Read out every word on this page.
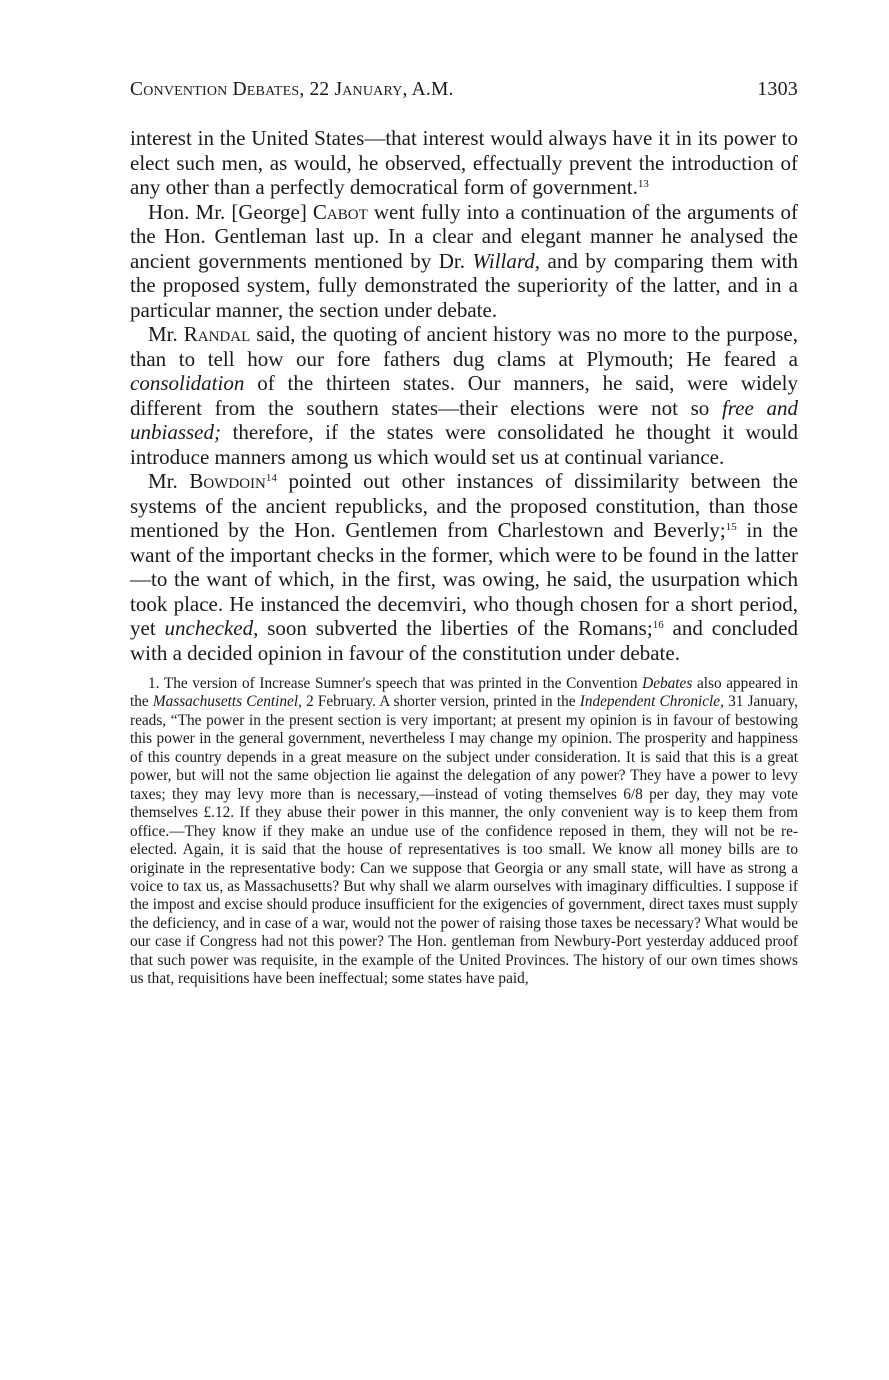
Convention Debates, 22 January, A.M.	1303

interest in the United States—that interest would always have it in its power to elect such men, as would, he observed, effectually prevent the introduction of any other than a perfectly democratical form of government.$^{13}$

Hon. Mr. [George] Cabot went fully into a continuation of the arguments of the Hon. Gentleman last up. In a clear and elegant manner he analysed the ancient governments mentioned by Dr. Willard, and by comparing them with the proposed system, fully demonstrated the superiority of the latter, and in a particular manner, the section under debate.

Mr. Randal said, the quoting of ancient history was no more to the purpose, than to tell how our fore fathers dug clams at Plymouth; He feared a consolidation of the thirteen states. Our manners, he said, were widely different from the southern states—their elections were not so free and unbiassed; therefore, if the states were consolidated he thought it would introduce manners among us which would set us at continual variance.

Mr. Bowdoin$^{14}$ pointed out other instances of dissimilarity between the systems of the ancient republicks, and the proposed constitution, than those mentioned by the Hon. Gentlemen from Charlestown and Beverly;$^{15}$ in the want of the important checks in the former, which were to be found in the latter—to the want of which, in the first, was owing, he said, the usurpation which took place. He instanced the decemviri, who though chosen for a short period, yet unchecked, soon subverted the liberties of the Romans;$^{16}$ and concluded with a decided opinion in favour of the constitution under debate.

1. The version of Increase Sumner's speech that was printed in the Convention Debates also appeared in the Massachusetts Centinel, 2 February. A shorter version, printed in the Independent Chronicle, 31 January, reads, “The power in the present section is very important; at present my opinion is in favour of bestowing this power in the general government, nevertheless I may change my opinion. The prosperity and happiness of this country depends in a great measure on the subject under consideration. It is said that this is a great power, but will not the same objection lie against the delegation of any power? They have a power to levy taxes; they may levy more than is necessary,—instead of voting themselves 6/8 per day, they may vote themselves £.12. If they abuse their power in this manner, the only convenient way is to keep them from office.—They know if they make an undue use of the confidence reposed in them, they will not be re-elected. Again, it is said that the house of representatives is too small. We know all money bills are to originate in the representative body: Can we suppose that Georgia or any small state, will have as strong a voice to tax us, as Massachusetts? But why shall we alarm ourselves with imaginary difficulties. I suppose if the impost and excise should produce insufficient for the exigencies of government, direct taxes must supply the deficiency, and in case of a war, would not the power of raising those taxes be necessary? What would be our case if Congress had not this power? The Hon. gentleman from Newbury-Port yesterday adduced proof that such power was requisite, in the example of the United Provinces. The history of our own times shows us that, requisitions have been ineffectual; some states have paid,
